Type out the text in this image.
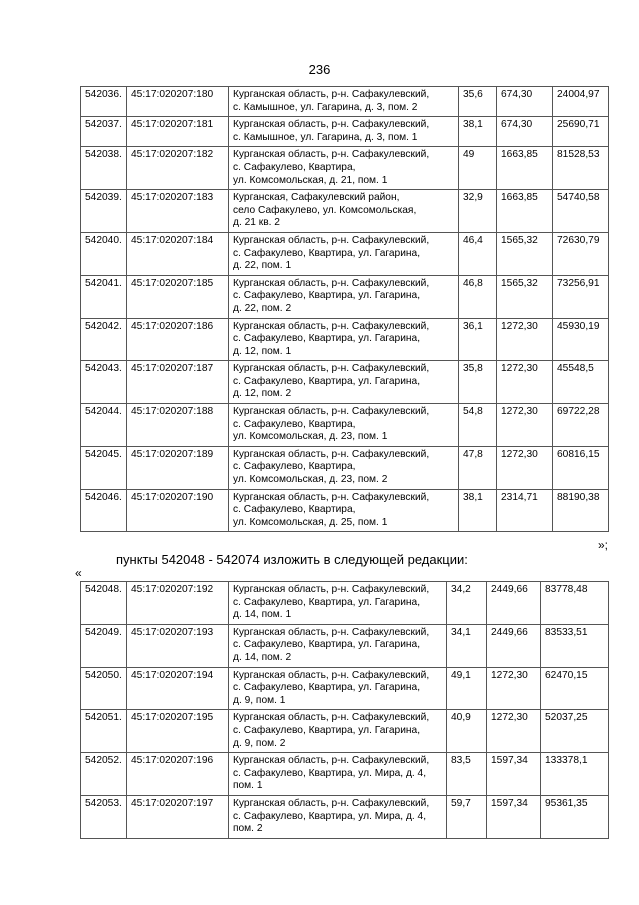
236
542036.	45:17:020207:180	Курганская область, р-н. Сафакулевский,
с. Камышное, ул. Гагарина, д. 3, пом. 2	35,6	674,30	24004,97
542037.	45:17:020207:181	Курганская область, р-н. Сафакулевский,
с. Камышное, ул. Гагарина, д. 3, пом. 1	38,1	674,30	25690,71
542038.	45:17:020207:182	Курганская область, р-н. Сафакулевский,
с. Сафакулево, Квартира,
ул. Комсомольская, д. 21, пом. 1	49	1663,85	81528,53
542039.	45:17:020207:183	Курганская, Сафакулевский район,
село Сафакулево, ул. Комсомольская,
д. 21 кв. 2	32,9	1663,85	54740,58
542040.	45:17:020207:184	Курганская область, р-н. Сафакулевский,
с. Сафакулево, Квартира, ул. Гагарина,
д. 22, пом. 1	46,4	1565,32	72630,79
542041.	45:17:020207:185	Курганская область, р-н. Сафакулевский,
с. Сафакулево, Квартира, ул. Гагарина,
д. 22, пом. 2	46,8	1565,32	73256,91
542042.	45:17:020207:186	Курганская область, р-н. Сафакулевский,
с. Сафакулево, Квартира, ул. Гагарина,
д. 12, пом. 1	36,1	1272,30	45930,19
542043.	45:17:020207:187	Курганская область, р-н. Сафакулевский,
с. Сафакулево, Квартира, ул. Гагарина,
д. 12, пом. 2	35,8	1272,30	45548,5
542044.	45:17:020207:188	Курганская область, р-н. Сафакулевский,
с. Сафакулево, Квартира,
ул. Комсомольская, д. 23, пом. 1	54,8	1272,30	69722,28
542045.	45:17:020207:189	Курганская область, р-н. Сафакулевский,
с. Сафакулево, Квартира,
ул. Комсомольская, д. 23, пом. 2	47,8	1272,30	60816,15
542046.	45:17:020207:190	Курганская область, р-н. Сафакулевский,
с. Сафакулево, Квартира,
ул. Комсомольская, д. 25, пом. 1	38,1	2314,71	88190,38
»;
пункты 542048 - 542074 изложить в следующей редакции:
«
542048.	45:17:020207:192	Курганская область, р-н. Сафакулевский,
с. Сафакулево, Квартира, ул. Гагарина,
д. 14, пом. 1	34,2	2449,66	83778,48
542049.	45:17:020207:193	Курганская область, р-н. Сафакулевский,
с. Сафакулево, Квартира, ул. Гагарина,
д. 14, пом. 2	34,1	2449,66	83533,51
542050.	45:17:020207:194	Курганская область, р-н. Сафакулевский,
с. Сафакулево, Квартира, ул. Гагарина,
д. 9, пом. 1	49,1	1272,30	62470,15
542051.	45:17:020207:195	Курганская область, р-н. Сафакулевский,
с. Сафакулево, Квартира, ул. Гагарина,
д. 9, пом. 2	40,9	1272,30	52037,25
542052.	45:17:020207:196	Курганская область, р-н. Сафакулевский,
с. Сафакулево, Квартира, ул. Мира, д. 4,
пом. 1	83,5	1597,34	133378,1
542053.	45:17:020207:197	Курганская область, р-н. Сафакулевский,
с. Сафакулево, Квартира, ул. Мира, д. 4,
пом. 2	59,7	1597,34	95361,35
